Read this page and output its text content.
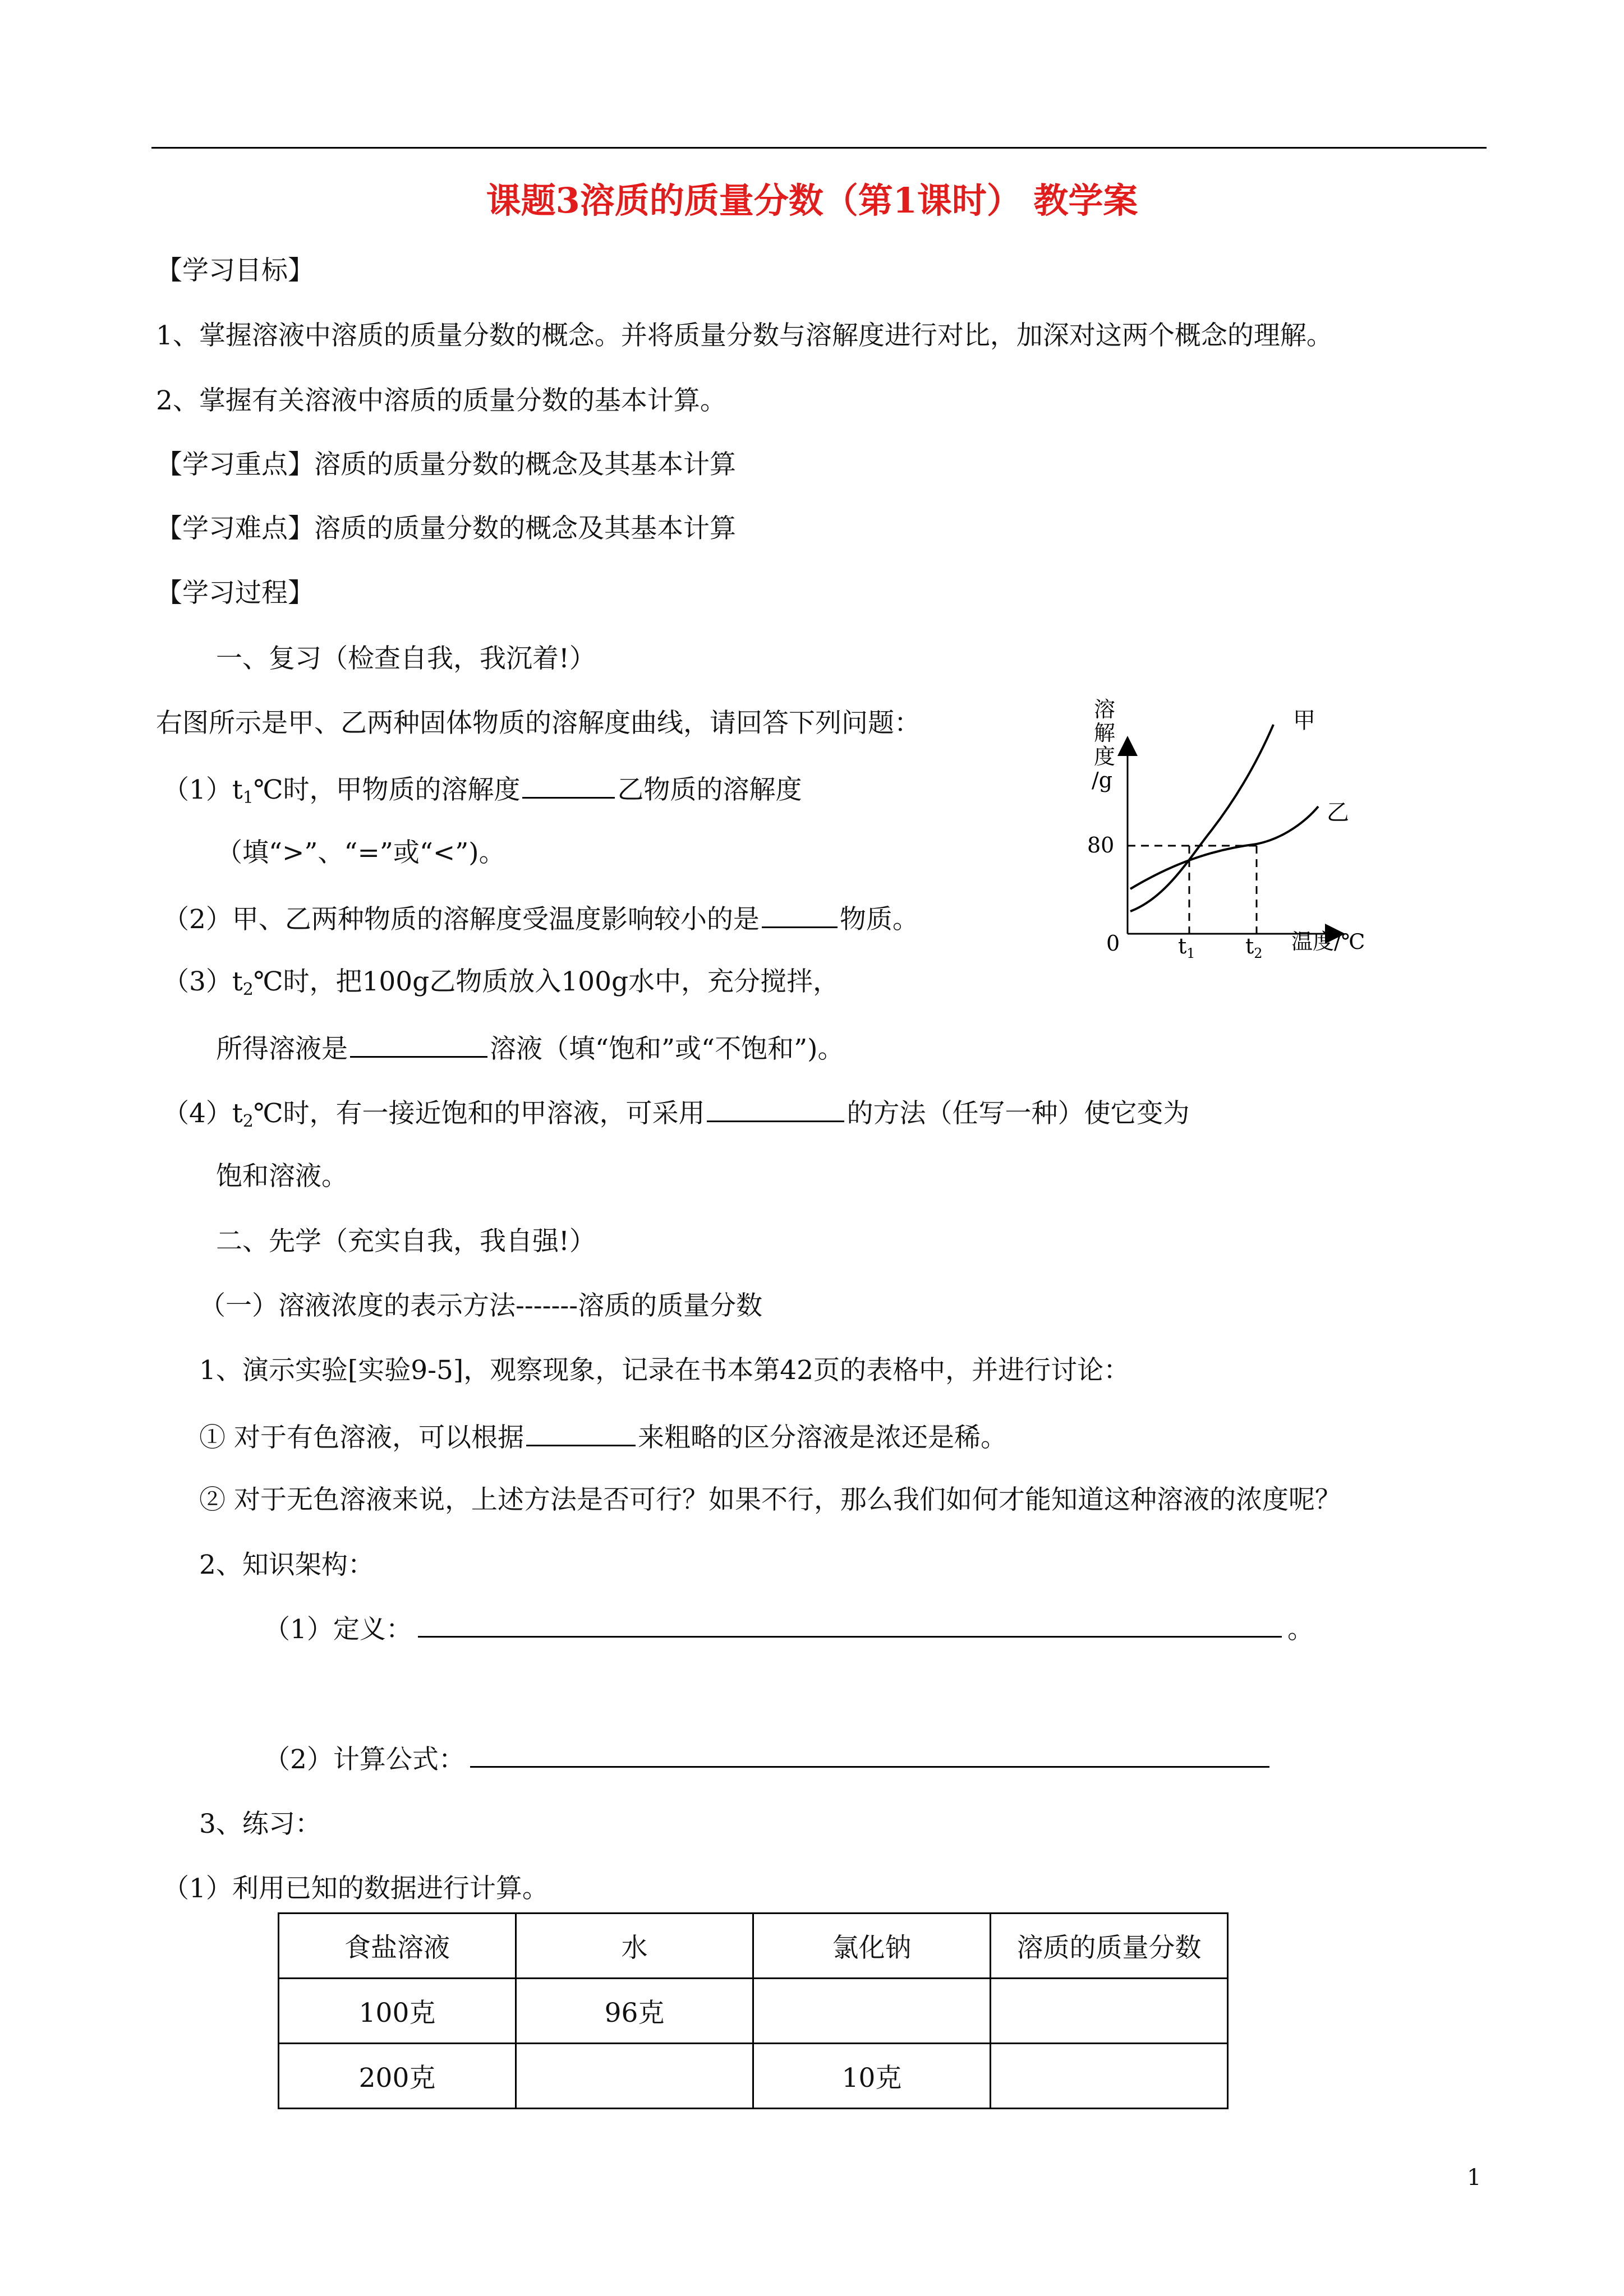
课题3溶质的质量分数（第1课时） 教学案
【学习目标】
1、掌握溶液中溶质的质量分数的概念。并将质量分数与溶解度进行对比，加深对这两个概念的理解。
2、掌握有关溶液中溶质的质量分数的基本计算。
【学习重点】溶质的质量分数的概念及其基本计算
【学习难点】溶质的质量分数的概念及其基本计算
【学习过程】
一、复习（检查自我，我沉着!）
右图所示是甲、乙两种固体物质的溶解度曲线，请回答下列问题：
$(1)t_1℃$时，甲物质的溶解度	乙物质的溶解度
（填“>”、“=”或“<”)。
（2）甲、乙两种物质的溶解度受温度影响较小的是	物质。
$(3)t_2℃$时，把100g乙物质放入100g水中，充分搅拌，
所得溶液是	溶液（填“饱和”或“不饱和”)。
$(4)t_2℃$时，有一接近饱和的甲溶液，可采用	的方法（任写一种）使它变为
饱和溶液。
溶
解
度
/g
80
0	$t_1$ $t_2$ 温度/℃
甲
乙
二、先学（充实自我，我自强!）
（一）溶液浓度的表示方法-------溶质的质量分数
1、演示实验[实验9-5]，观察现象，记录在书本第42页的表格中，并进行讨论：
① 对于有色溶液，可以根据	来粗略的区分溶液是浓还是稀。
② 对于无色溶液来说，上述方法是否可行？如果不行，那么我们如何才能知道这种溶液的浓度呢？
2、知识架构：
（1）定义：	。
（2）计算公式：
3、练习：
（1）利用已知的数据进行计算。
食盐溶液	水	氯化钠	溶质的质量分数
100克	96克		
200克		10克	
1
